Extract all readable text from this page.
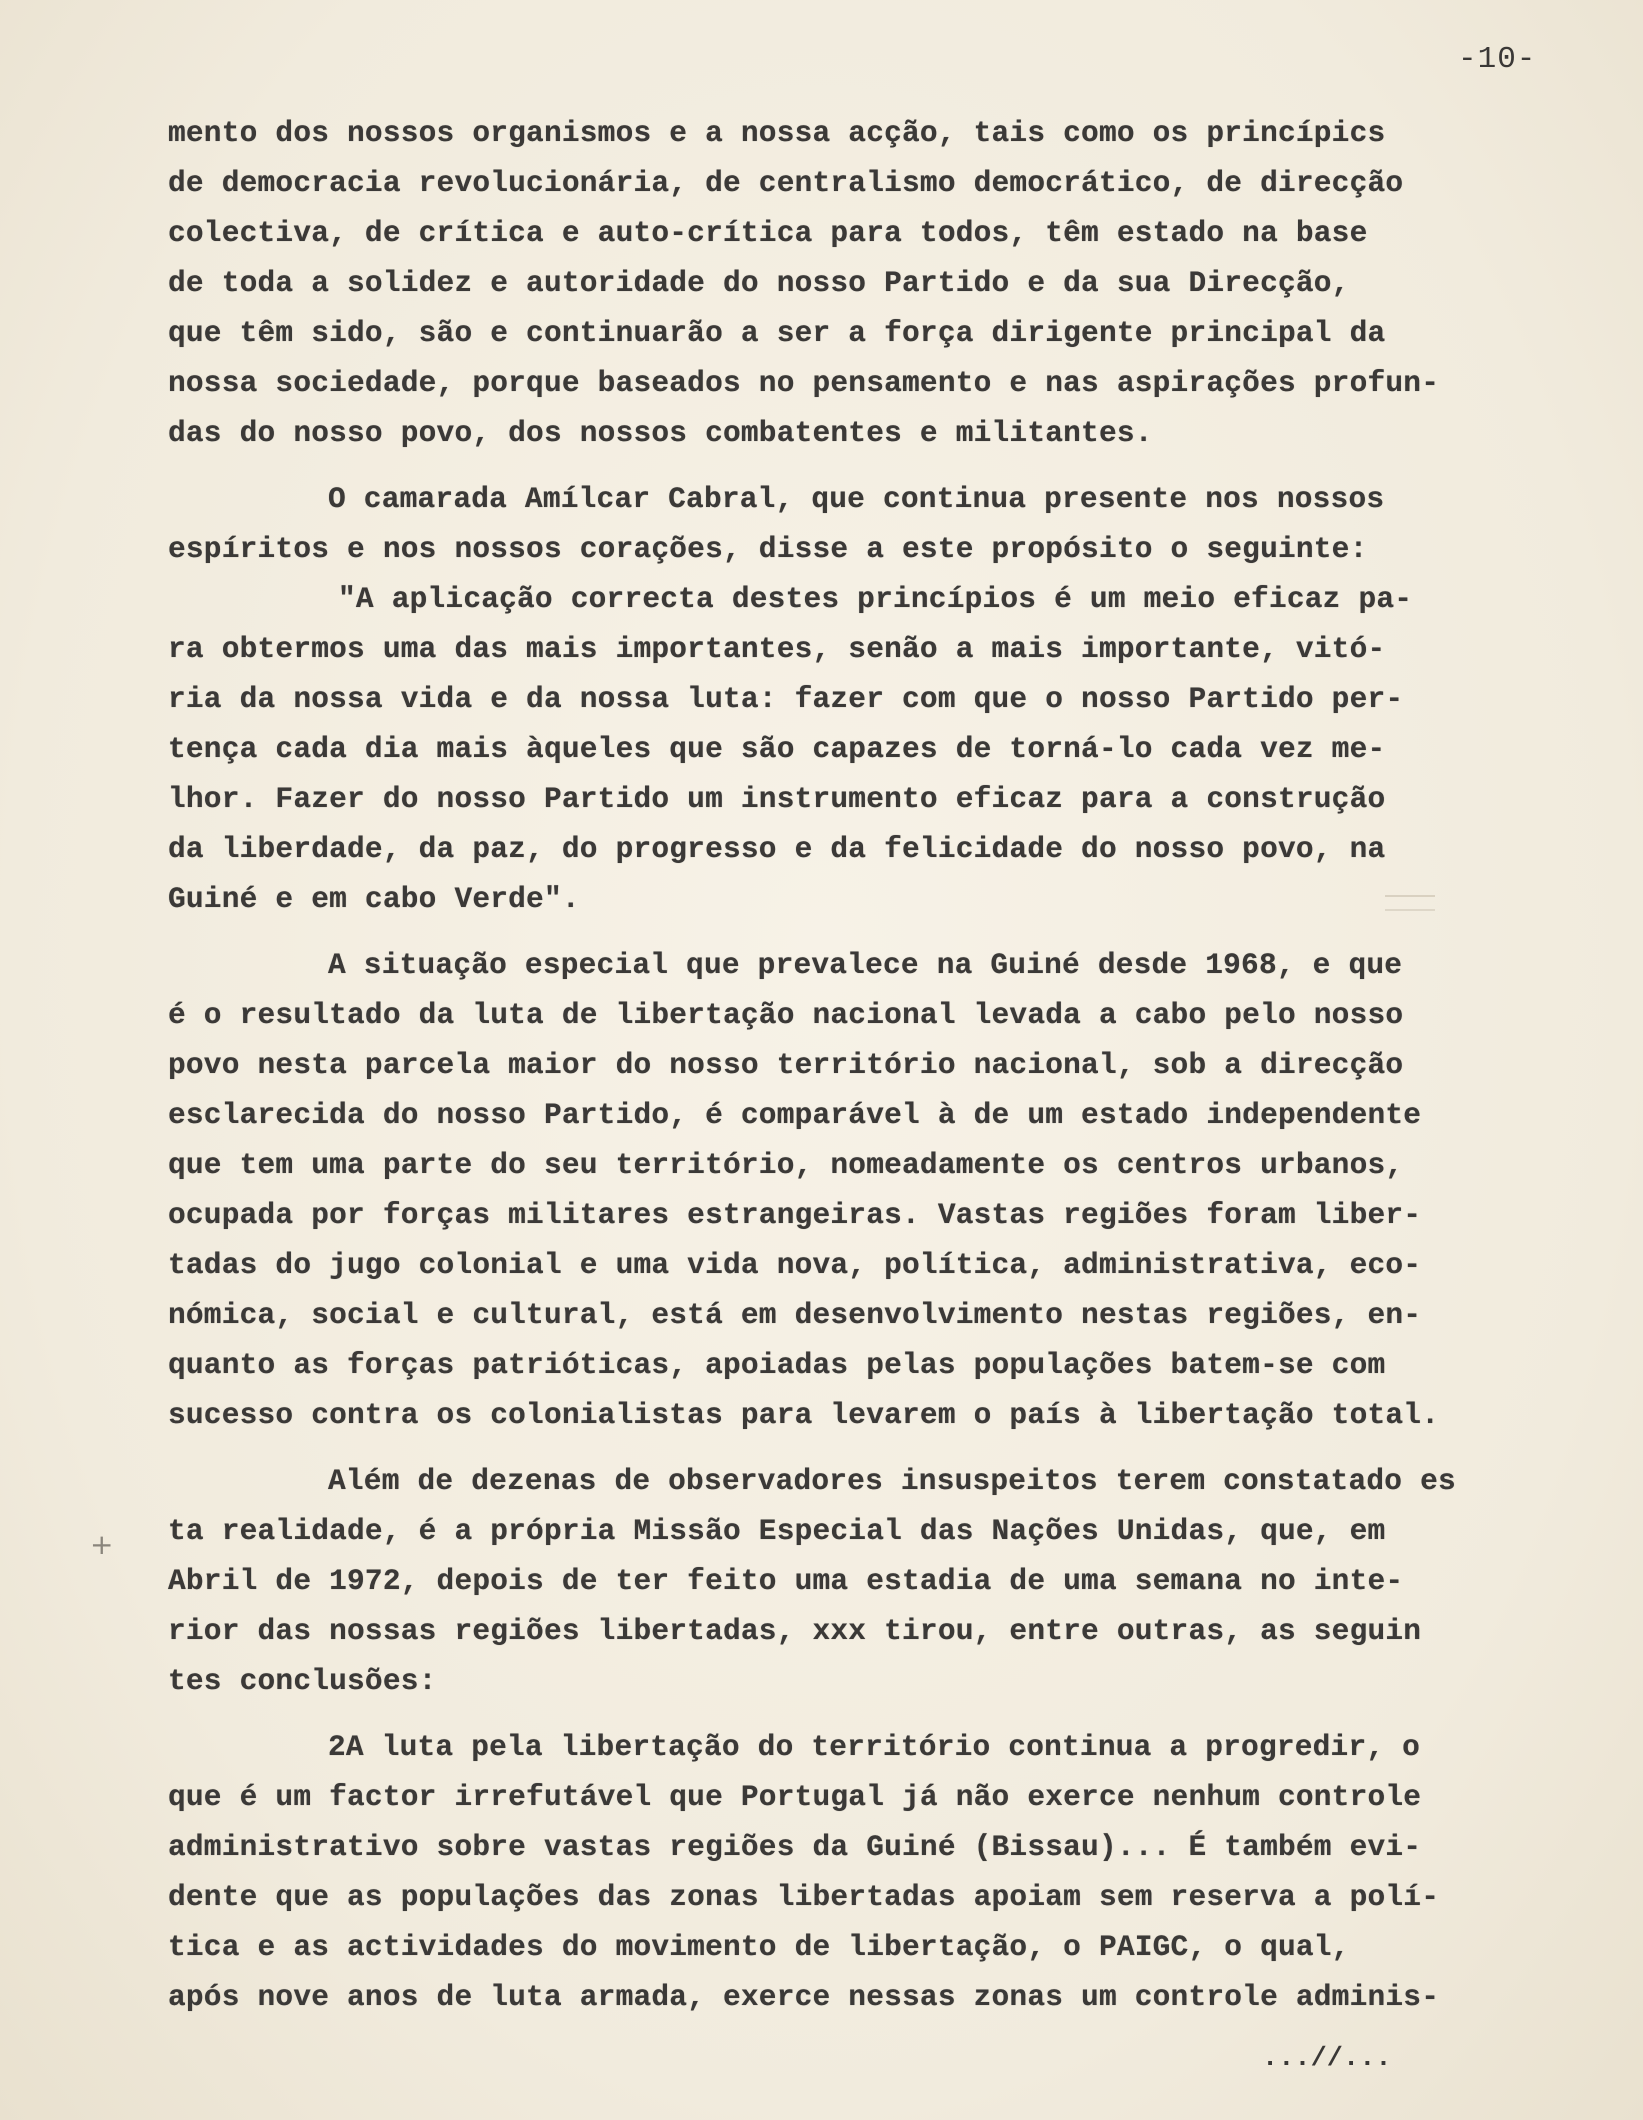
-10-
+
mento dos nossos organismos e a nossa acção, tais como os princípics
de democracia revolucionária, de centralismo democrático, de direcção
colectiva, de crítica e auto-crítica para todos, têm estado na base
de toda a solidez e autoridade do nosso Partido e da sua Direcção,
que têm sido, são e continuarão a ser a força dirigente principal da
nossa sociedade, porque baseados no pensamento e nas aspirações profun-
das do nosso povo, dos nossos combatentes e militantes.
O camarada Amílcar Cabral, que continua presente nos nossos
espíritos e nos nossos corações, disse a este propósito o seguinte:
"A aplicação correcta destes princípios é um meio eficaz pa-
ra obtermos uma das mais importantes, senão a mais importante, vitó-
ria da nossa vida e da nossa luta: fazer com que o nosso Partido per-
tença cada dia mais àqueles que são capazes de torná-lo cada vez me-
lhor. Fazer do nosso Partido um instrumento eficaz para a construção
da liberdade, da paz, do progresso e da felicidade do nosso povo, na
Guiné e em cabo Verde".
A situação especial que prevalece na Guiné desde 1968, e que
é o resultado da luta de libertação nacional levada a cabo pelo nosso
povo nesta parcela maior do nosso território nacional, sob a direcção
esclarecida do nosso Partido, é comparável à de um estado independente
que tem uma parte do seu território, nomeadamente os centros urbanos,
ocupada por forças militares estrangeiras. Vastas regiões foram liber-
tadas do jugo colonial e uma vida nova, política, administrativa, eco-
nómica, social e cultural, está em desenvolvimento nestas regiões, en-
quanto as forças patrióticas, apoiadas pelas populações batem-se com
sucesso contra os colonialistas para levarem o país à libertação total.
Além de dezenas de observadores insuspeitos terem constatado es
ta realidade, é a própria Missão Especial das Nações Unidas, que, em
Abril de 1972, depois de ter feito uma estadia de uma semana no inte-
rior das nossas regiões libertadas, xxx tirou, entre outras, as seguin
tes conclusões:
2A luta pela libertação do território continua a progredir, o
que é um factor irrefutável que Portugal já não exerce nenhum controle
administrativo sobre vastas regiões da Guiné (Bissau)... É também evi-
dente que as populações das zonas libertadas apoiam sem reserva a polí-
tica e as actividades do movimento de libertação, o PAIGC, o qual,
após nove anos de luta armada, exerce nessas zonas um controle adminis-
...//...
